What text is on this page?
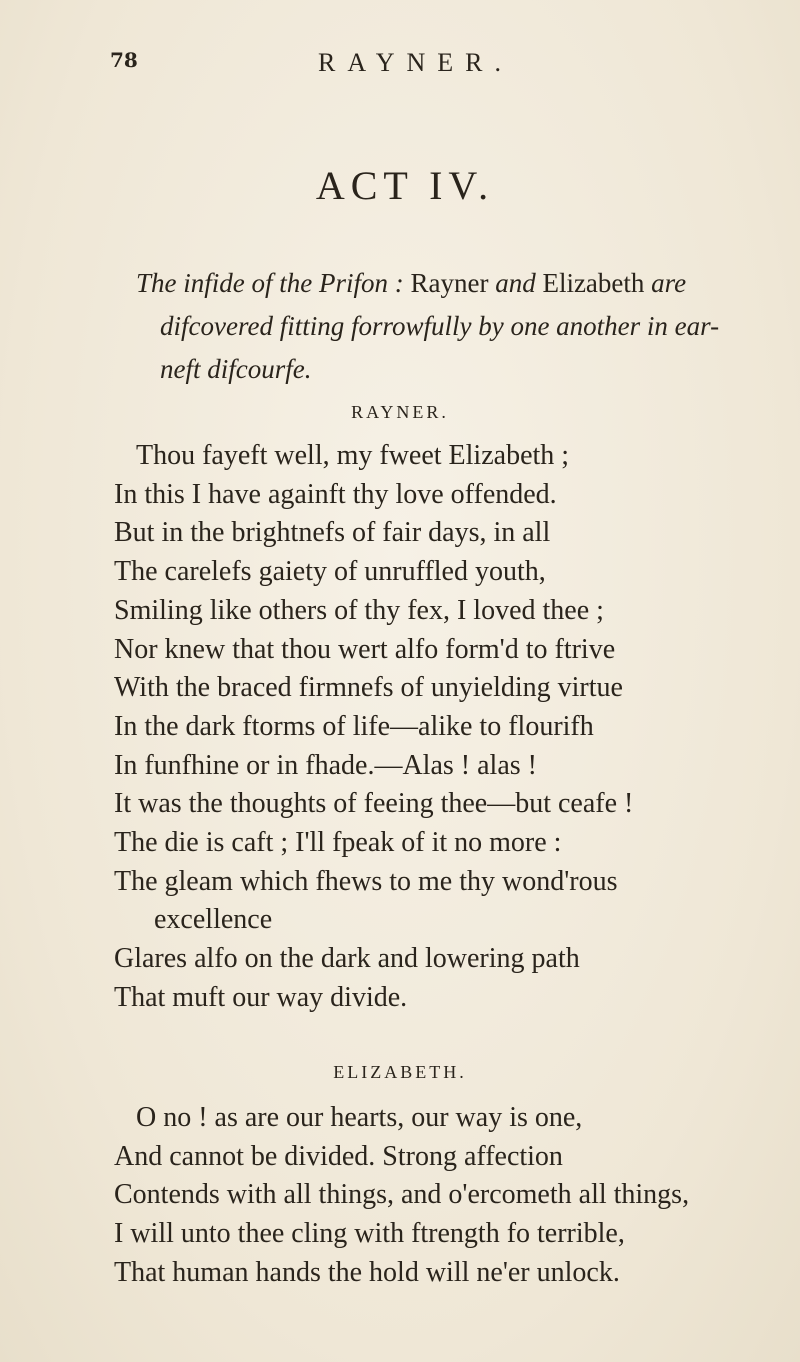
78	RAYNER.
ACT IV.
The infide of the Prifon : Rayner and Elizabeth are
difcovered fitting forrowfully by one another in ear-
neft difcourfe.
RAYNER.
Thou fayeft well, my fweet Elizabeth ;
In this I have againft thy love offended.
But in the brightnefs of fair days, in all
The carelefs gaiety of unruffled youth,
Smiling like others of thy fex, I loved thee ;
Nor knew that thou wert alfo form'd to ftrive
With the braced firmnefs of unyielding virtue
In the dark ftorms of life—alike to flourifh
In funfhine or in fhade.—Alas ! alas !
It was the thoughts of feeing thee—but ceafe !
The die is caft ; I'll fpeak of it no more :
The gleam which fhews to me thy wond'rous
excellence
Glares alfo on the dark and lowering path
That muft our way divide.
ELIZABETH.
O no ! as are our hearts, our way is one,
And cannot be divided. Strong affection
Contends with all things, and o'ercometh all things,
I will unto thee cling with ftrength fo terrible,
That human hands the hold will ne'er unlock.
